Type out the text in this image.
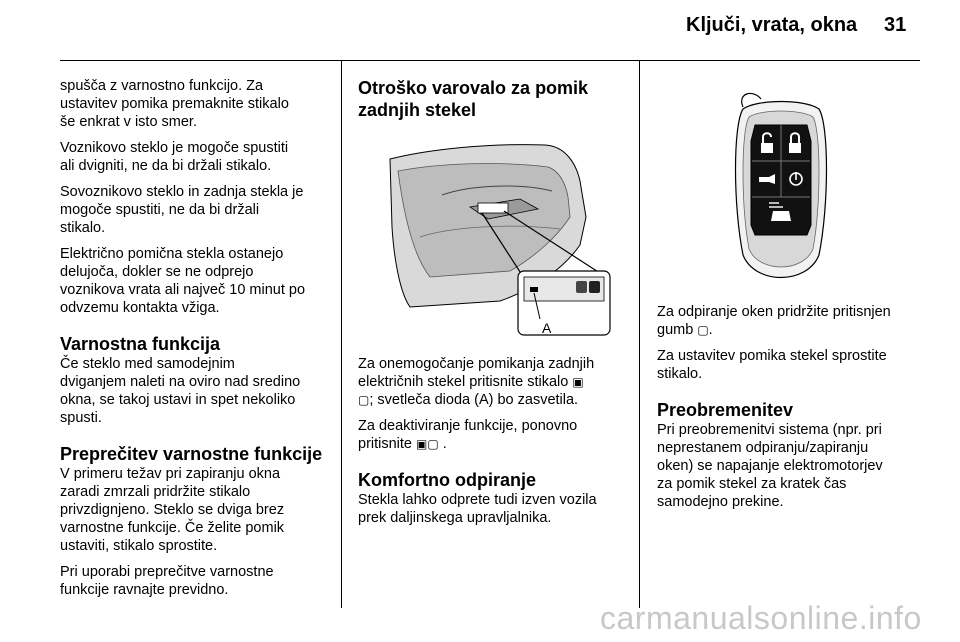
Ključi, vrata, okna 31

spušča z varnostno funkcijo. Za
ustavitev pomika premaknite stikalo
še enkrat v isto smer.

Voznikovo steklo je mogoče spustiti
ali dvigniti, ne da bi držali stikalo.

Sovoznikovo steklo in zadnja stekla je
mogoče spustiti, ne da bi držali
stikalo.

Električno pomična stekla ostanejo
delujoča, dokler se ne odprejo
voznikova vrata ali največ 10 minut po
odvzemu kontakta vžiga.

Varnostna funkcija

Če steklo med samodejnim
dviganjem naleti na oviro nad sredino
okna, se takoj ustavi in spet nekoliko
spusti.

Preprečitev varnostne funkcije

V primeru težav pri zapiranju okna
zaradi zmrzali pridržite stikalo
privzdignjeno. Steklo se dviga brez
varnostne funkcije. Če želite pomik
ustaviti, stikalo sprostite.

Pri uporabi preprečitve varnostne
funkcije ravnajte previdno.

Otroško varovalo za pomik
zadnjih stekel
A

Za onemogočanje pomikanja zadnjih
električnih stekel pritisnite stikalo ▣
▢; svetleča dioda (A) bo zasvetila.

Za deaktiviranje funkcije, ponovno
pritisnite ▣▢ .

Komfortno odpiranje

Stekla lahko odprete tudi izven vozila
prek daljinskega upravljalnika.

Za odpiranje oken pridržite pritisnjen
gumb ▢.

Za ustavitev pomika stekel sprostite
stikalo.

Preobremenitev

Pri preobremenitvi sistema (npr. pri
neprestanem odpiranju/zapiranju
oken) se napajanje elektromotorjev
za pomik stekel za kratek čas
samodejno prekine.

carmanualsonline.info
